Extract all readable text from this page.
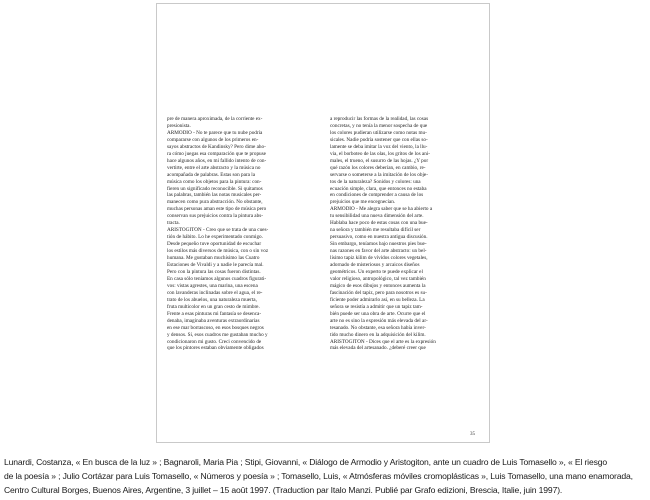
pre de manera aproximada, de la corriente ex-

presionista.

ARMODIO - No te parece que tu nube podría

compararse con algunos de los primeros en-

sayos abstractos de Kandinsky? Pero dime aho-

ra cómo juegas esa comparación que te propuse

hace algunos años, en mi fallido intento de con-

vertirte, entre el arte abstracto y la música no

acompañada de palabras. Estas son para la

música como los objetos para la pintura: con-

fieren un significado reconocible. Si quitamos

las palabras, también las notas musicales per-

manecen como pura abstracción. No obstante,

muchas personas aman este tipo de música pero

conservan sus prejuicios contra la pintura abs-

tracta.

ARISTOGITON - Creo que se trata de una cues-

tión de hábito. Lo he experimentado conmigo.

Desde pequeño tuve oportunidad de escuchar

los estilos más diversos de música, con o sin voz

humana. Me gustaban muchísimo las Cuatro

Estaciones de Vivaldi y a nadie le parecía mal.

Pero con la pintura las cosas fueron distintas.

En casa sólo teníamos algunos cuadros figurati-

vos: vistas agrestes, una marina, una escena

con lavanderas inclinadas sobre el agua, el re-

trato de los abuelos, una naturaleza muerta,

fruta multicolor en un gran cesto de mimbre.

Frente a esas pinturas mi fantasía se desenca-

denaba, imaginaba aventuras extraordinarias

en ese mar borrascoso, en esos bosques negros

y densos. Sí, esos cuadros me gustaban mucho y

condicionaron mi gusto. Creci convencido de

que los pintores estaban obviamente obligados

a reproducir las formas de la realidad, las cosas

concretas, y no tenía la menor sospecha de que

los colores pudieran utilizarse como notas mu-

sicales. Nadie podría sostener que con ellas so-

lamente se deba imitar la voz del viento, la llu-

via, el borboteo de las olas, los gritos de los ani-

males, el trueno, el susurro de las hojas. ¿Y por

qué razón los colores deberían, en cambio, re-

servarse o someterse a la imitación de los obje-

tos de la naturaleza? Sonidos y colores: una

ecuación simple, clara, que entonces no estaba

en condiciones de comprender a causa de los

prejuicios que me encegnecían.

ARMODIO - Me alegra saber que se ha abierto a

tu sensibilidad una nueva dimensión del arte.

Hablaba hace poco de estas cosas con una bue-

na señora y también me resultaba difícil ser

persuasivo, como en nuestra antigua discusión.

Sin embargo, teníamos bajo nuestros pies bue-

nas razones en favor del arte abstracto: un bel-

lísimo tapiz kilim de vívidos colores vegetales,

adornado de misteriosos y arcaicos diseños

geométricos. Un experto te puede explicar el

valor religioso, antropológico, tal vez también

mágico de esos dibujos y entonces aumenta la

fascinación del tapiz, pero para nosotros es su-

ficiente poder admirarlo así, en su belleza. La

señora se resistía a admitir que un tapiz tam-

bién puede ser una obra de arte. Ocurre que el

arte no es sino la expresión más elevada del ar-

tesanado. No obstante, esa señora había inver-

tido mucho dinero en la adquisición del kilim.

ARISTOGITON - Dices que el arte es la expresión

más elevada del artesanado. ¿deberé creer que

35
Lunardi, Costanza, « En busca de la luz » ; Bagnaroli, Maria Pia ; Stipi, Giovanni, « Diálogo de Armodio y Aristogiton, ante un cuadro de Luis Tomasello », « El riesgo
de la poesía » ; Julio Cortázar para Luis Tomasello, « Números y poesía » ; Tomasello, Luis, « Atmósferas móviles cromoplásticas », Luis Tomasello, una mano enamorada,
Centro Cultural Borges, Buenos Aires, Argentine, 3 juillet – 15 août 1997. (Traduction par Italo Manzi. Publié par Grafo edizioni, Brescia, Italie, juin 1997).
